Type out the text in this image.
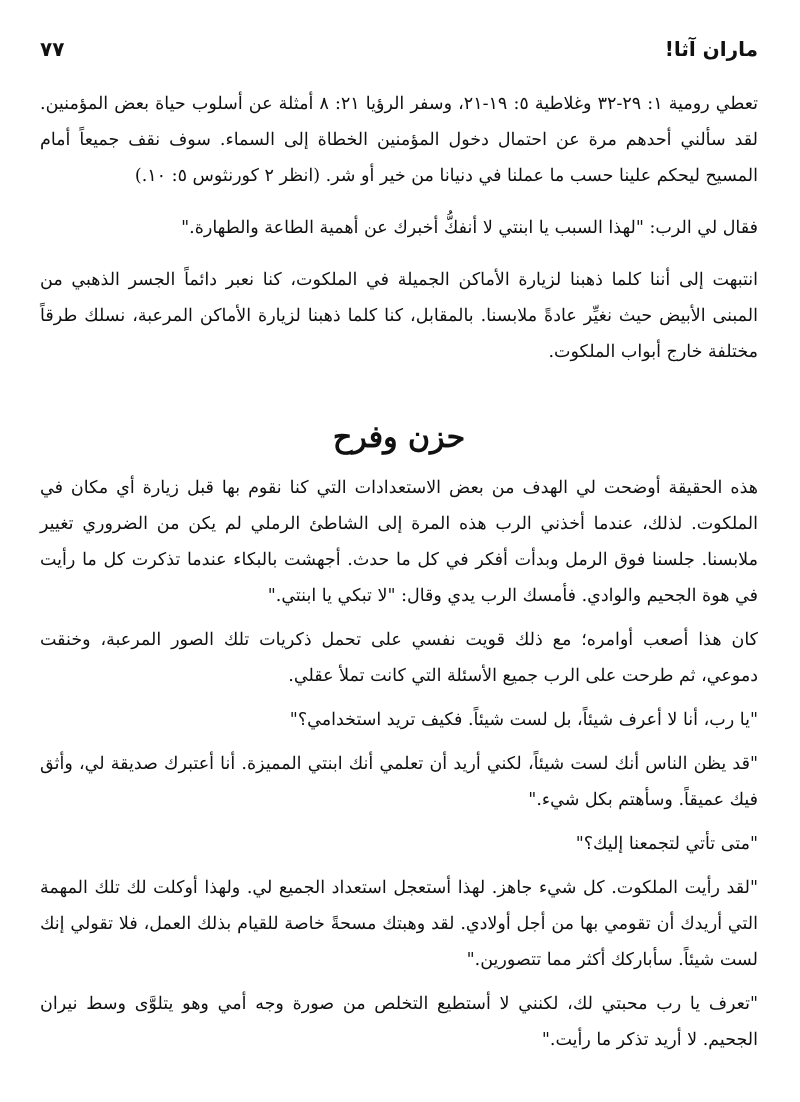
ماران آثا!
٧٧

تعطي رومية ١: ٢٩-٣٢ وغلاطية ٥: ١٩-٢١، وسفر الرؤيا ٢١: ٨ أمثلة عن أسلوب حياة بعض المؤمنين. لقد سألني أحدهم مرة عن احتمال دخول المؤمنين الخطاة إلى السماء. سوف نقف جميعاً أمام المسيح ليحكم علينا حسب ما عملنا في دنيانا من خير أو شر. (انظر ٢ كورنثوس ٥: ١٠.)

فقال لي الرب: "لهذا السبب يا ابنتي لا أنفكُّ أخبرك عن أهمية الطاعة والطهارة."

انتبهت إلى أننا كلما ذهبنا لزيارة الأماكن الجميلة في الملكوت، كنا نعبر دائماً الجسر الذهبي من المبنى الأبيض حيث نغيِّر عادةً ملابسنا. بالمقابل، كنا كلما ذهبنا لزيارة الأماكن المرعبة، نسلك طرقاً مختلفة خارج أبواب الملكوت.

حزن وفرح

هذه الحقيقة أوضحت لي الهدف من بعض الاستعدادات التي كنا نقوم بها قبل زيارة أي مكان في الملكوت. لذلك، عندما أخذني الرب هذه المرة إلى الشاطئ الرملي لم يكن من الضروري تغيير ملابسنا. جلسنا فوق الرمل وبدأت أفكر في كل ما حدث. أجهشت بالبكاء عندما تذكرت كل ما رأيت في هوة الجحيم والوادي. فأمسك الرب يدي وقال: "لا تبكي يا ابنتي."

كان هذا أصعب أوامره؛ مع ذلك قويت نفسي على تحمل ذكريات تلك الصور المرعبة، وخنقت دموعي، ثم طرحت على الرب جميع الأسئلة التي كانت تملأ عقلي.

"يا رب، أنا لا أعرف شيئاً، بل لست شيئاً. فكيف تريد استخدامي؟"

"قد يظن الناس أنك لست شيئاً، لكني أريد أن تعلمي أنك ابنتي المميزة. أنا أعتبرك صديقة لي، وأثق فيك عميقاً. وسأهتم بكل شيء."

"متى تأتي لتجمعنا إليك؟"

"لقد رأيت الملكوت. كل شيء جاهز. لهذا أستعجل استعداد الجميع لي. ولهذا أوكلت لك تلك المهمة التي أريدك أن تقومي بها من أجل أولادي. لقد وهبتك مسحةً خاصة للقيام بذلك العمل، فلا تقولي إنك لست شيئاً. سأباركك أكثر مما تتصورين."

"تعرف يا رب محبتي لك، لكنني لا أستطيع التخلص من صورة وجه أمي وهو يتلوَّى وسط نيران الجحيم. لا أريد تذكر ما رأيت."
